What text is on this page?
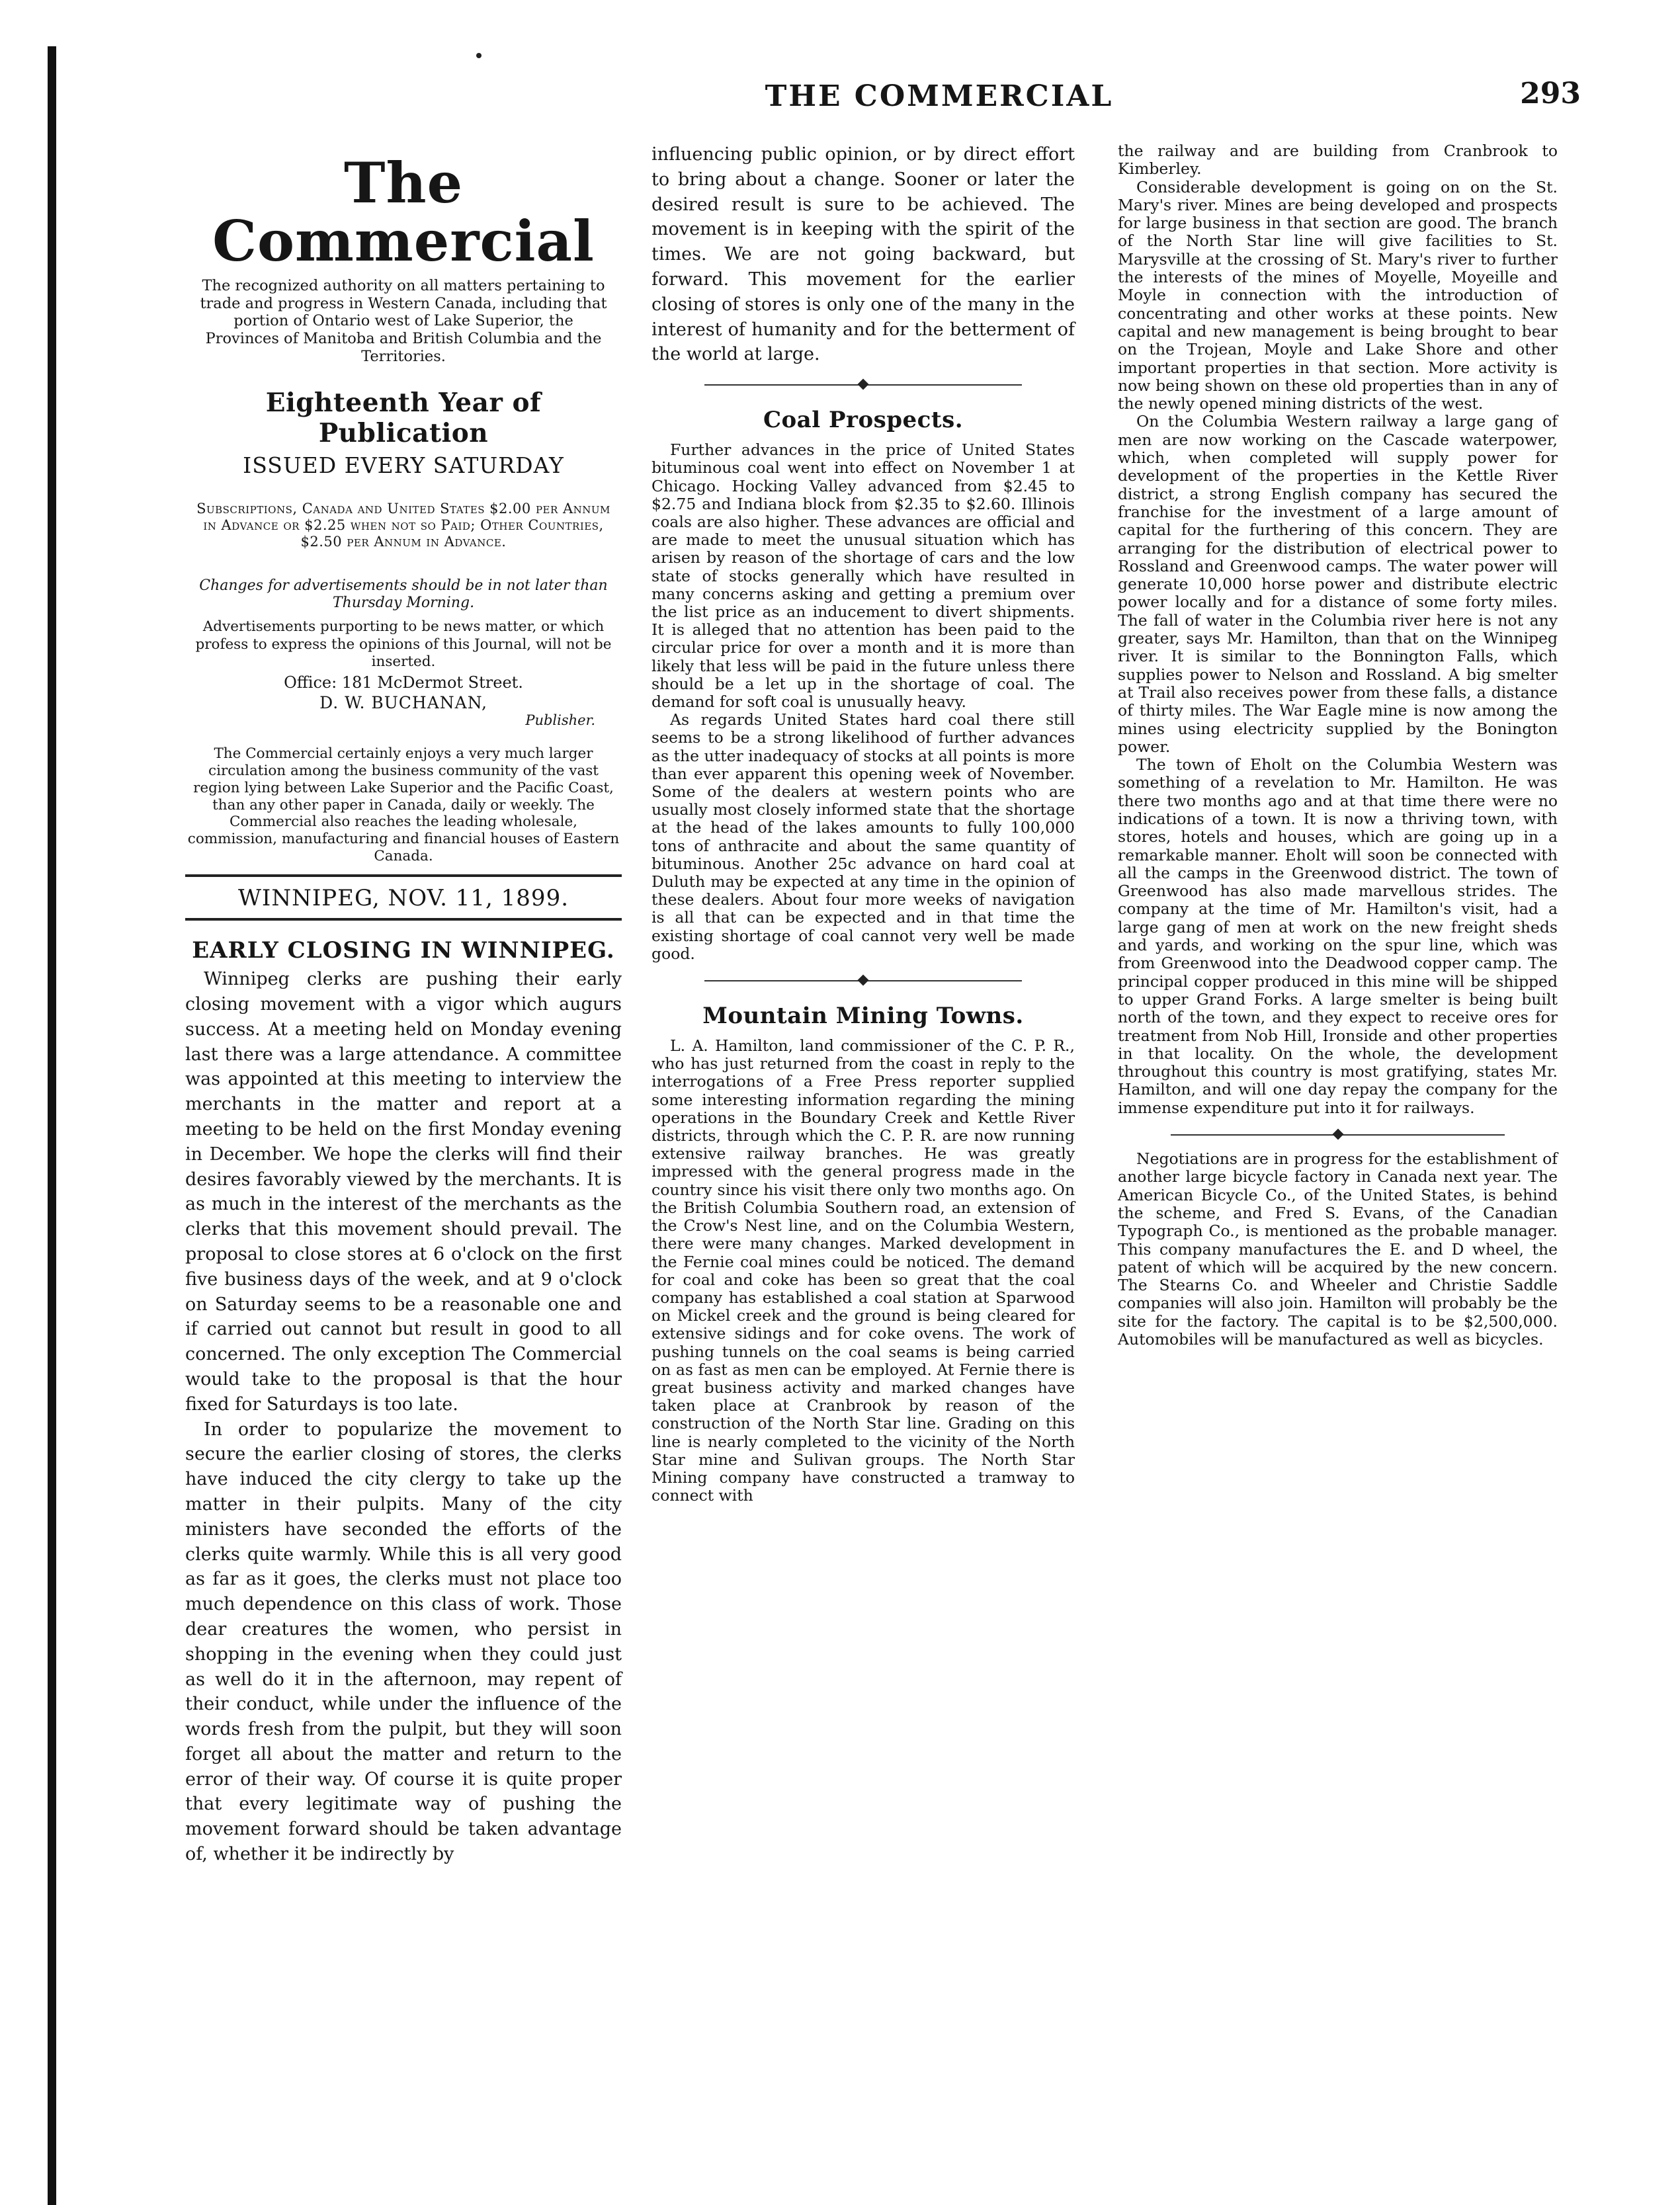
THE COMMERCIAL	293
The Commercial
The recognized authority on all matters pertaining to trade and progress in Western Canada, including that portion of Ontario west of Lake Superior, the Provinces of Manitoba and British Columbia and the Territories.
Eighteenth Year of Publication
ISSUED EVERY SATURDAY
Subscriptions, Canada and United States $2.00 per Annum in Advance or $2.25 when not so Paid; Other Countries, $2.50 per Annum in Advance.
Changes for advertisements should be in not later than Thursday Morning.
Advertisements purporting to be news matter, or which profess to express the opinions of this Journal, will not be inserted.
Office: 181 McDermot Street.
D. W. BUCHANAN,
Publisher.
The Commercial certainly enjoys a very much larger circulation among the business community of the vast region lying between Lake Superior and the Pacific Coast, than any other paper in Canada, daily or weekly. The Commercial also reaches the leading wholesale, commission, manufacturing and financial houses of Eastern Canada.
WINNIPEG, NOV. 11, 1899.
EARLY CLOSING IN WINNIPEG.

Winnipeg clerks are pushing their early closing movement with a vigor which augurs success. At a meeting held on Monday evening last there was a large attendance. A committee was appointed at this meeting to interview the merchants in the matter and report at a meeting to be held on the first Monday evening in December. We hope the clerks will find their desires favorably viewed by the merchants. It is as much in the interest of the merchants as the clerks that this movement should prevail. The proposal to close stores at 6 o'clock on the first five business days of the week, and at 9 o'clock on Saturday seems to be a reasonable one and if carried out cannot but result in good to all concerned. The only exception The Commercial would take to the proposal is that the hour fixed for Saturdays is too late.

In order to popularize the movement to secure the earlier closing of stores, the clerks have induced the city clergy to take up the matter in their pulpits. Many of the city ministers have seconded the efforts of the clerks quite warmly. While this is all very good as far as it goes, the clerks must not place too much dependence on this class of work. Those dear creatures the women, who persist in shopping in the evening when they could just as well do it in the afternoon, may repent of their conduct, while under the influence of the words fresh from the pulpit, but they will soon forget all about the matter and return to the error of their way. Of course it is quite proper that every legitimate way of pushing the movement forward should be taken advantage of, whether it be indirectly by

influencing public opinion, or by direct effort to bring about a change. Sooner or later the desired result is sure to be achieved. The movement is in keeping with the spirit of the times. We are not going backward, but forward. This movement for the earlier closing of stores is only one of the many in the interest of humanity and for the betterment of the world at large.

Coal Prospects.

Further advances in the price of United States bituminous coal went into effect on November 1 at Chicago. Hocking Valley advanced from $2.45 to $2.75 and Indiana block from $2.35 to $2.60. Illinois coals are also higher. These advances are official and are made to meet the unusual situation which has arisen by reason of the shortage of cars and the low state of stocks generally which have resulted in many concerns asking and getting a premium over the list price as an inducement to divert shipments. It is alleged that no attention has been paid to the circular price for over a month and it is more than likely that less will be paid in the future unless there should be a let up in the shortage of coal. The demand for soft coal is unusually heavy.

As regards United States hard coal there still seems to be a strong likelihood of further advances as the utter inadequacy of stocks at all points is more than ever apparent this opening week of November. Some of the dealers at western points who are usually most closely informed state that the shortage at the head of the lakes amounts to fully 100,000 tons of anthracite and about the same quantity of bituminous. Another 25c advance on hard coal at Duluth may be expected at any time in the opinion of these dealers. About four more weeks of navigation is all that can be expected and in that time the existing shortage of coal cannot very well be made good.

Mountain Mining Towns.

L. A. Hamilton, land commissioner of the C. P. R., who has just returned from the coast in reply to the interrogations of a Free Press reporter supplied some interesting information regarding the mining operations in the Boundary Creek and Kettle River districts, through which the C. P. R. are now running extensive railway branches. He was greatly impressed with the general progress made in the country since his visit there only two months ago. On the British Columbia Southern road, an extension of the Crow's Nest line, and on the Columbia Western, there were many changes. Marked development in the Fernie coal mines could be noticed. The demand for coal and coke has been so great that the coal company has established a coal station at Sparwood on Mickel creek and the ground is being cleared for extensive sidings and for coke ovens. The work of pushing tunnels on the coal seams is being carried on as fast as men can be employed. At Fernie there is great business activity and marked changes have taken place at Cranbrook by reason of the construction of the North Star line. Grading on this line is nearly completed to the vicinity of the North Star mine and Sulivan groups. The North Star Mining company have constructed a tramway to connect with

the railway and are building from Cranbrook to Kimberley.

Considerable development is going on on the St. Mary's river. Mines are being developed and prospects for large business in that section are good. The branch of the North Star line will give facilities to St. Marysville at the crossing of St. Mary's river to further the interests of the mines of Moyelle, Moyeille and Moyle in connection with the introduction of concentrating and other works at these points. New capital and new management is being brought to bear on the Trojean, Moyle and Lake Shore and other important properties in that section. More activity is now being shown on these old properties than in any of the newly opened mining districts of the west.

On the Columbia Western railway a large gang of men are now working on the Cascade waterpower, which, when completed will supply power for development of the properties in the Kettle River district, a strong English company has secured the franchise for the investment of a large amount of capital for the furthering of this concern. They are arranging for the distribution of electrical power to Rossland and Greenwood camps. The water power will generate 10,000 horse power and distribute electric power locally and for a distance of some forty miles. The fall of water in the Columbia river here is not any greater, says Mr. Hamilton, than that on the Winnipeg river. It is similar to the Bonnington Falls, which supplies power to Nelson and Rossland. A big smelter at Trail also receives power from these falls, a distance of thirty miles. The War Eagle mine is now among the mines using electricity supplied by the Bonington power.

The town of Eholt on the Columbia Western was something of a revelation to Mr. Hamilton. He was there two months ago and at that time there were no indications of a town. It is now a thriving town, with stores, hotels and houses, which are going up in a remarkable manner. Eholt will soon be connected with all the camps in the Greenwood district. The town of Greenwood has also made marvellous strides. The company at the time of Mr. Hamilton's visit, had a large gang of men at work on the new freight sheds and yards, and working on the spur line, which was from Greenwood into the Deadwood copper camp. The principal copper produced in this mine will be shipped to upper Grand Forks. A large smelter is being built north of the town, and they expect to receive ores for treatment from Nob Hill, Ironside and other properties in that locality. On the whole, the development throughout this country is most gratifying, states Mr. Hamilton, and will one day repay the company for the immense expenditure put into it for railways.

Negotiations are in progress for the establishment of another large bicycle factory in Canada next year. The American Bicycle Co., of the United States, is behind the scheme, and Fred S. Evans, of the Canadian Typograph Co., is mentioned as the probable manager. This company manufactures the E. and D wheel, the patent of which will be acquired by the new concern. The Stearns Co. and Wheeler and Christie Saddle companies will also join. Hamilton will probably be the site for the factory. The capital is to be $2,500,000. Automobiles will be manufactured as well as bicycles.
